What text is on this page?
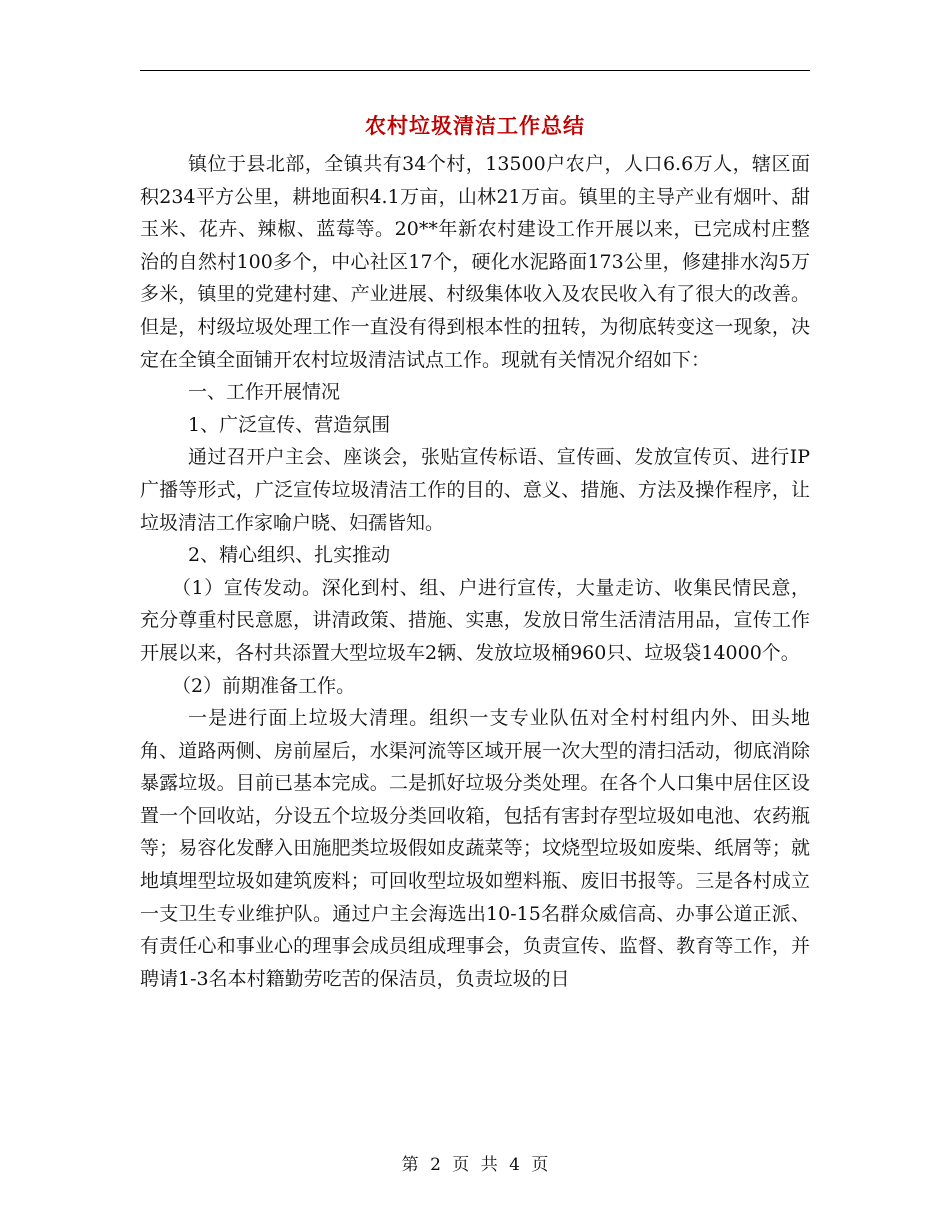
农村垃圾清洁工作总结

镇位于县北部，全镇共有34个村，13500户农户，人口6.6万人，辖区面积234平方公里，耕地面积4.1万亩，山林21万亩。镇里的主导产业有烟叶、甜玉米、花卉、辣椒、蓝莓等。20**年新农村建设工作开展以来，已完成村庄整治的自然村100多个，中心社区17个，硬化水泥路面173公里，修建排水沟5万多米，镇里的党建村建、产业进展、村级集体收入及农民收入有了很大的改善。但是，村级垃圾处理工作一直没有得到根本性的扭转，为彻底转变这一现象，决定在全镇全面铺开农村垃圾清洁试点工作。现就有关情况介绍如下：

一、工作开展情况

1、广泛宣传、营造氛围

通过召开户主会、座谈会，张贴宣传标语、宣传画、发放宣传页、进行IP广播等形式，广泛宣传垃圾清洁工作的目的、意义、措施、方法及操作程序，让垃圾清洁工作家喻户晓、妇孺皆知。

2、精心组织、扎实推动

（1）宣传发动。深化到村、组、户进行宣传，大量走访、收集民情民意，充分尊重村民意愿，讲清政策、措施、实惠，发放日常生活清洁用品，宣传工作开展以来，各村共添置大型垃圾车2辆、发放垃圾桶960只、垃圾袋14000个。

（2）前期准备工作。

一是进行面上垃圾大清理。组织一支专业队伍对全村村组内外、田头地角、道路两侧、房前屋后，水渠河流等区域开展一次大型的清扫活动，彻底消除暴露垃圾。目前已基本完成。二是抓好垃圾分类处理。在各个人口集中居住区设置一个回收站，分设五个垃圾分类回收箱，包括有害封存型垃圾如电池、农药瓶等；易容化发酵入田施肥类垃圾假如皮蔬菜等；坟烧型垃圾如废柴、纸屑等；就地填埋型垃圾如建筑废料；可回收型垃圾如塑料瓶、废旧书报等。三是各村成立一支卫生专业维护队。通过户主会海选出10-15名群众威信高、办事公道正派、有责任心和事业心的理事会成员组成理事会，负责宣传、监督、教育等工作，并聘请1-3名本村籍勤劳吃苦的保洁员，负责垃圾的日

第 2 页 共 4 页
